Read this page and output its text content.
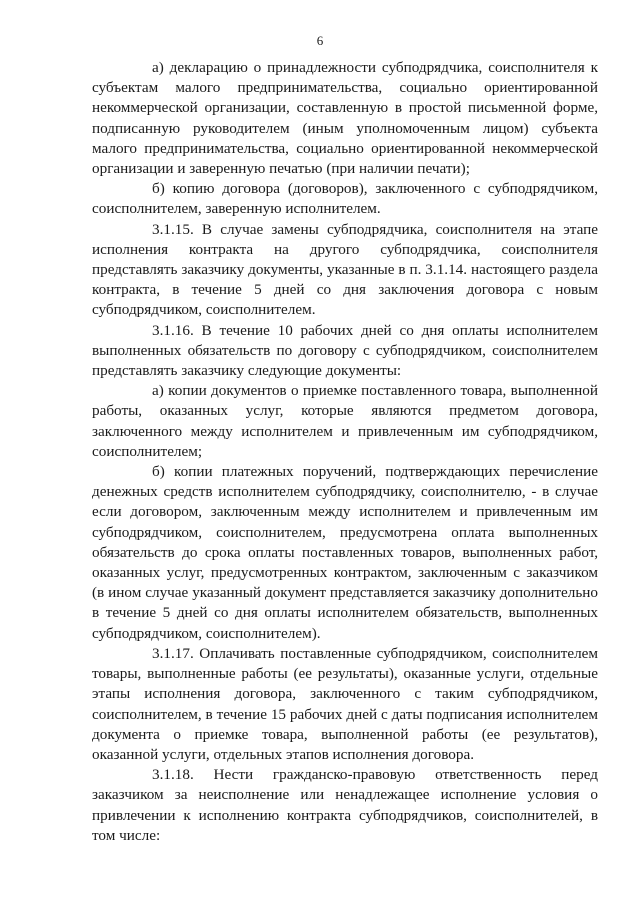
6

а) декларацию о принадлежности субподрядчика, соисполнителя к субъектам малого предпринимательства, социально ориентированной некоммерческой организации, составленную в простой письменной форме, подписанную руководителем (иным уполномоченным лицом) субъекта малого предпринимательства, социально ориентированной некоммерческой организации и заверенную печатью (при наличии печати);

б) копию договора (договоров), заключенного с субподрядчиком, соисполнителем, заверенную исполнителем.

3.1.15. В случае замены субподрядчика, соисполнителя на этапе исполнения контракта на другого субподрядчика, соисполнителя представлять заказчику документы, указанные в п. 3.1.14. настоящего раздела контракта, в течение 5 дней со дня заключения договора с новым субподрядчиком, соисполнителем.

3.1.16. В течение 10 рабочих дней со дня оплаты исполнителем выполненных обязательств по договору с субподрядчиком, соисполнителем представлять заказчику следующие документы:

а) копии документов о приемке поставленного товара, выполненной работы, оказанных услуг, которые являются предметом договора, заключенного между исполнителем и привлеченным им субподрядчиком, соисполнителем;

б) копии платежных поручений, подтверждающих перечисление денежных средств исполнителем субподрядчику, соисполнителю, - в случае если договором, заключенным между исполнителем и привлеченным им субподрядчиком, соисполнителем, предусмотрена оплата выполненных обязательств до срока оплаты поставленных товаров, выполненных работ, оказанных услуг, предусмотренных контрактом, заключенным с заказчиком (в ином случае указанный документ представляется заказчику дополнительно в течение 5 дней со дня оплаты исполнителем обязательств, выполненных субподрядчиком, соисполнителем).

3.1.17. Оплачивать поставленные субподрядчиком, соисполнителем товары, выполненные работы (ее результаты), оказанные услуги, отдельные этапы исполнения договора, заключенного с таким субподрядчиком, соисполнителем, в течение 15 рабочих дней с даты подписания исполнителем документа о приемке товара, выполненной работы (ее результатов), оказанной услуги, отдельных этапов исполнения договора.

3.1.18. Нести гражданско-правовую ответственность перед заказчиком за неисполнение или ненадлежащее исполнение условия о привлечении к исполнению контракта субподрядчиков, соисполнителей, в том числе:
